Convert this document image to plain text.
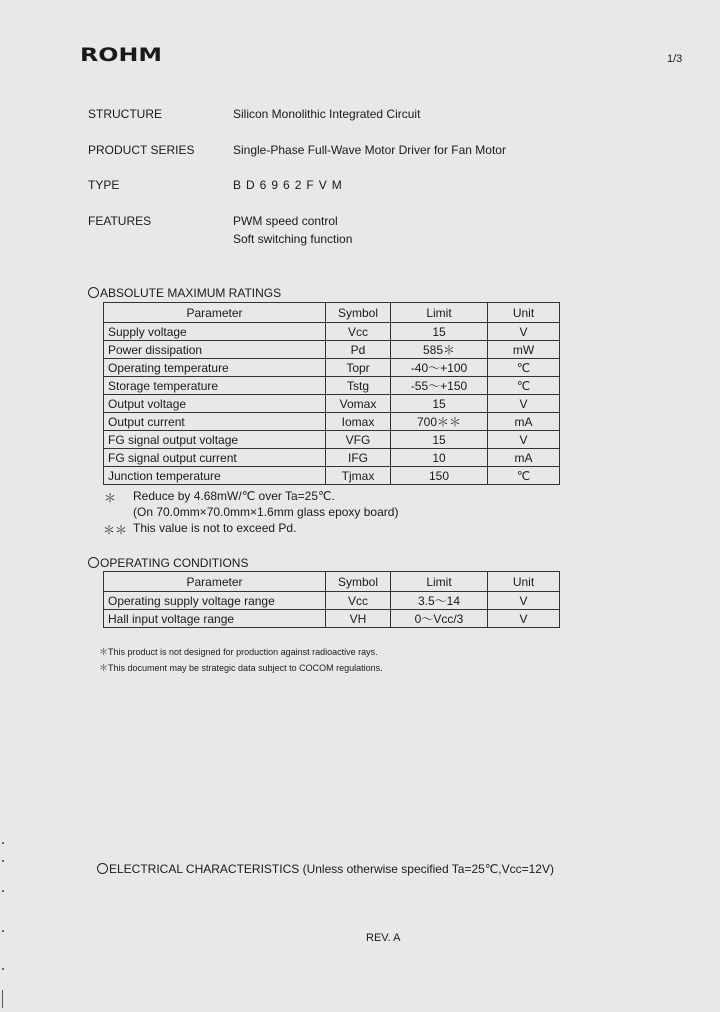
ROHM	1/3
STRUCTURE	Silicon Monolithic Integrated Circuit
PRODUCT SERIES	Single-Phase Full-Wave Motor Driver for Fan Motor
TYPE	BD6962FVM
FEATURES	PWM speed control
Soft switching function
ABSOLUTE MAXIMUM RATINGS
Parameter	Symbol	Limit	Unit
Supply voltage	Vcc	15	V
Power dissipation	Pd	585＊	mW
Operating temperature	Topr	-40～+100	℃
Storage temperature	Tstg	-55～+150	℃
Output voltage	Vomax	15	V
Output current	Iomax	700＊＊	mA
FG signal output voltage	VFG	15	V
FG signal output current	IFG	10	mA
Junction temperature	Tjmax	150	℃
＊ Reduce by 4.68mW/℃ over Ta=25℃.
(On 70.0mm×70.0mm×1.6mm glass epoxy board)
＊＊ This value is not to exceed Pd.
OPERATING CONDITIONS
Parameter	Symbol	Limit	Unit
Operating supply voltage range	Vcc	3.5～14	V
Hall input voltage range	VH	0～Vcc/3	V
＊This product is not designed for production against radioactive rays.
＊This document may be strategic data subject to COCOM regulations.
ELECTRICAL CHARACTERISTICS (Unless otherwise specified Ta=25℃,Vcc=12V)
REV. A
